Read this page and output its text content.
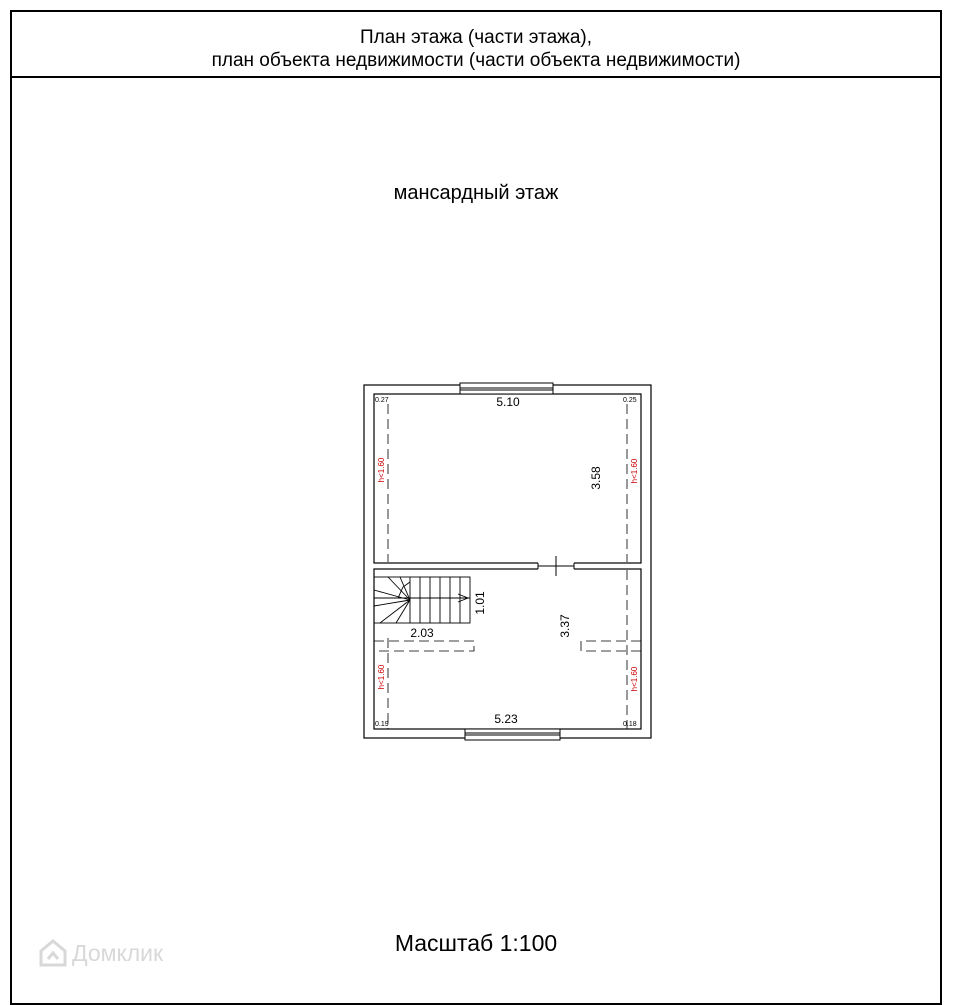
План этажа (части этажа),
план объекта недвижимости (части объекта недвижимости)
мансардный этаж
Масштаб 1:100
Домклик
5.10
3.58
2.03
1.01
3.37
5.23
0.27	0.25
0.19	0.18
h<1.60	h<1.60
h<1.60	h<1.60
